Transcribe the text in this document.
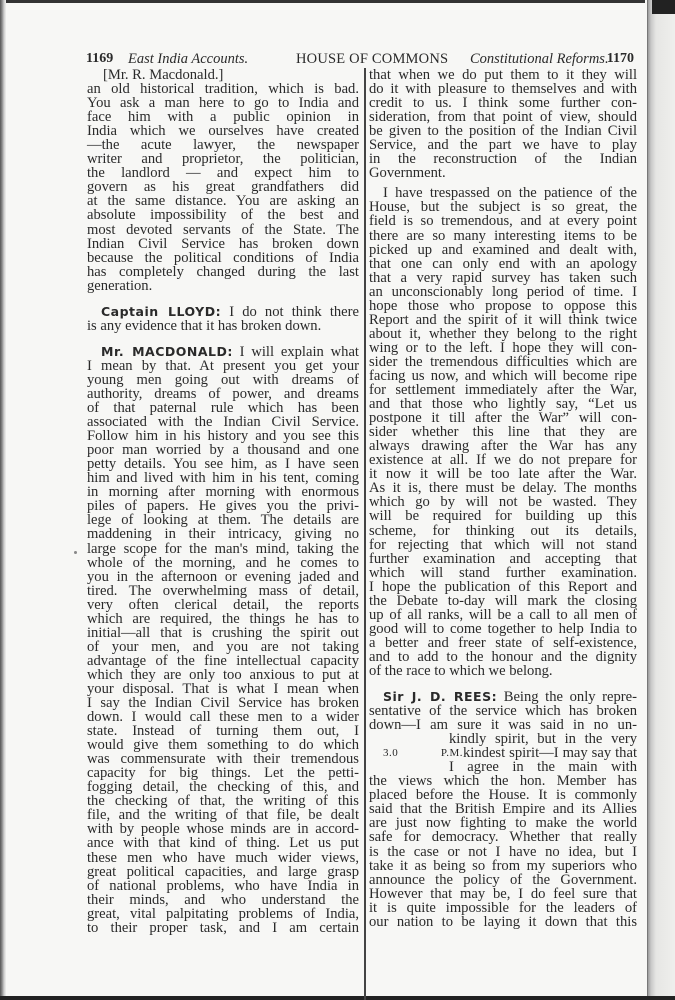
1169 East India Accounts.	HOUSE OF COMMONS Constitutional Reforms.
1170
[Mr. R. Macdonald.]
an old historical tradition, which is bad.
You ask a man here to go to India and
face him with a public opinion in
India which we ourselves have created
—the acute lawyer, the newspaper
writer and proprietor, the politician,
the landlord — and expect him to
govern as his great grandfathers did
at the same distance. You are asking an
absolute impossibility of the best and
most devoted servants of the State. The
Indian Civil Service has broken down
because the political conditions of India
has completely changed during the last
generation.
Captain LLOYD: I do not think there
is any evidence that it has broken down.
Mr. MACDONALD: I will explain what
I mean by that. At present you get your
young men going out with dreams of
authority, dreams of power, and dreams
of that paternal rule which has been
associated with the Indian Civil Service.
Follow him in his history and you see this
poor man worried by a thousand and one
petty details. You see him, as I have seen
him and lived with him in his tent, coming
in morning after morning with enormous
piles of papers. He gives you the privi-
lege of looking at them. The details are
maddening in their intricacy, giving no
large scope for the man's mind, taking the
whole of the morning, and he comes to
you in the afternoon or evening jaded and
tired. The overwhelming mass of detail,
very often clerical detail, the reports
which are required, the things he has to
initial—all that is crushing the spirit out
of your men, and you are not taking
advantage of the fine intellectual capacity
which they are only too anxious to put at
your disposal. That is what I mean when
I say the Indian Civil Service has broken
down. I would call these men to a wider
state. Instead of turning them out, I
would give them something to do which
was commensurate with their tremendous
capacity for big things. Let the petti-
fogging detail, the checking of this, and
the checking of that, the writing of this
file, and the writing of that file, be dealt
with by people whose minds are in accord-
ance with that kind of thing. Let us put
these men who have much wider views,
great political capacities, and large grasp
of national problems, who have India in
their minds, and who understand the
great, vital palpitating problems of India,
to their proper task, and I am certain
that when we do put them to it they will
do it with pleasure to themselves and with
credit to us. I think some further con-
sideration, from that point of view, should
be given to the position of the Indian Civil
Service, and the part we have to play
in the reconstruction of the Indian
Government.
I have trespassed on the patience of the
House, but the subject is so great, the
field is so tremendous, and at every point
there are so many interesting items to be
picked up and examined and dealt with,
that one can only end with an apology
that a very rapid survey has taken such
an unconscionably long period of time. I
hope those who propose to oppose this
Report and the spirit of it will think twice
about it, whether they belong to the right
wing or to the left. I hope they will con-
sider the tremendous difficulties which are
facing us now, and which will become ripe
for settlement immediately after the War,
and that those who lightly say, “Let us
postpone it till after the War” will con-
sider whether this line that they are
always drawing after the War has any
existence at all. If we do not prepare for
it now it will be too late after the War.
As it is, there must be delay. The months
which go by will not be wasted. They
will be required for building up this
scheme, for thinking out its details,
for rejecting that which will not stand
further examination and accepting that
which will stand further examination.
I hope the publication of this Report and
the Debate to-day will mark the closing
up of all ranks, will be a call to all men of
good will to come together to help India to
a better and freer state of self-existence,
and to add to the honour and the dignity
of the race to which we belong.
Sir J. D. REES: Being the only repre-
sentative of the service which has broken
down—I am sure it was said in no un-
kindly spirit, but in the very
3.0 P.M. kindest spirit—I may say that
I agree in the main with
the views which the hon. Member has
placed before the House. It is commonly
said that the British Empire and its Allies
are just now fighting to make the world
safe for democracy. Whether that really
is the case or not I have no idea, but I
take it as being so from my superiors who
announce the policy of the Government.
However that may be, I do feel sure that
it is quite impossible for the leaders of
our nation to be laying it down that this
